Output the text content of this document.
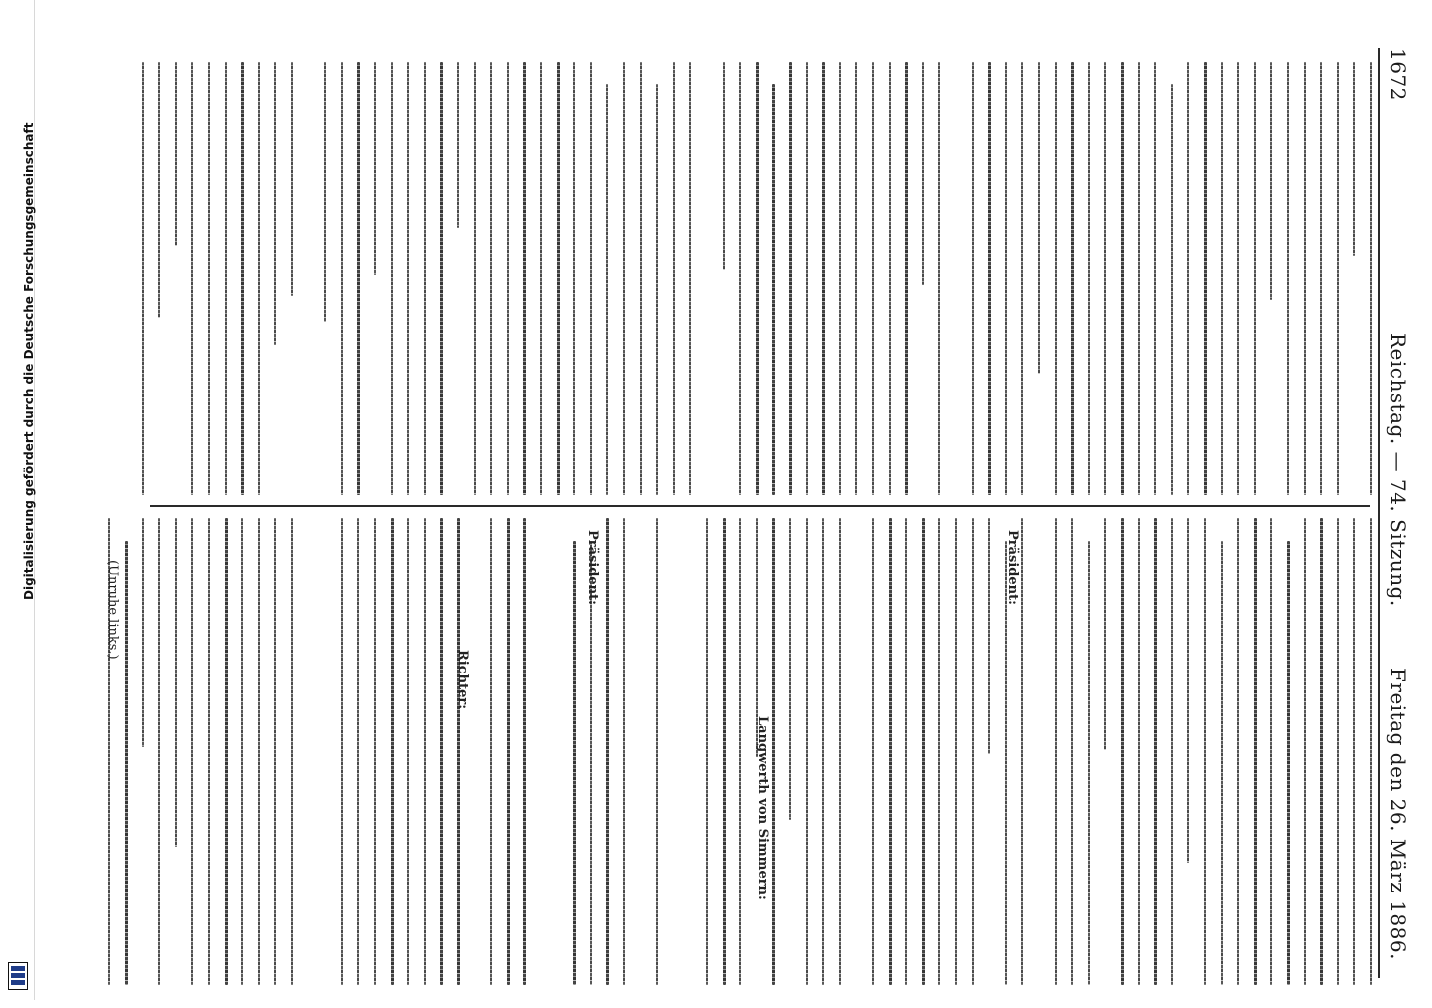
Digitalisierung gefördert durch die Deutsche Forschungsgemeinschaft
1672
Reichstag. — 74. Sitzung.
Freitag den 26. März 1886.
(Unruhe links.)	Präsident:
Langwerth von Simmern:
Präsident:
Richter:
